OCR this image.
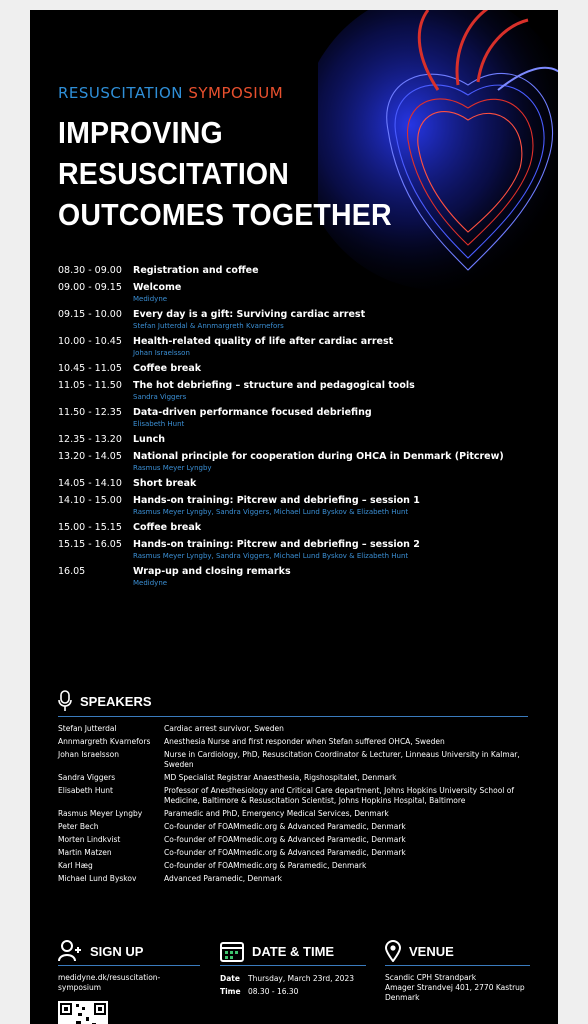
RESUSCITATION SYMPOSIUM
IMPROVING RESUSCITATION
OUTCOMES TOGETHER
08.30 - 09.00	Registration and coffee
09.00 - 09.15	Welcome
Medidyne
09.15 - 10.00	Every day is a gift: Surviving cardiac arrest
Stefan Jutterdal & Annmargreth Kvarnefors
10.00 - 10.45	Health-related quality of life after cardiac arrest
Johan Israelsson
10.45 - 11.05	Coffee break
11.05 - 11.50	The hot debriefing – structure and pedagogical tools
Sandra Viggers
11.50 - 12.35	Data-driven performance focused debriefing
Elisabeth Hunt
12.35 - 13.20	Lunch
13.20 - 14.05	National principle for cooperation during OHCA in Denmark (Pitcrew)
Rasmus Meyer Lyngby
14.05 - 14.10	Short break
14.10 - 15.00	Hands-on training: Pitcrew and debriefing – session 1
Rasmus Meyer Lyngby, Sandra Viggers, Michael Lund Byskov & Elizabeth Hunt
15.00 - 15.15	Coffee break
15.15 - 16.05	Hands-on training: Pitcrew and debriefing – session 2
Rasmus Meyer Lyngby, Sandra Viggers, Michael Lund Byskov & Elizabeth Hunt
16.05	Wrap-up and closing remarks
Medidyne
SPEAKERS
Stefan Jutterdal	Cardiac arrest survivor, Sweden
Annmargreth Kvarnefors	Anesthesia Nurse and first responder when Stefan suffered OHCA, Sweden
Johan Israelsson	Nurse in Cardiology, PhD, Resuscitation Coordinator & Lecturer, Linneaus University in Kalmar, Sweden
Sandra Viggers	MD Specialist Registrar Anaesthesia, Rigshospitalet, Denmark
Elisabeth Hunt	Professor of Anesthesiology and Critical Care department, Johns Hopkins University School of Medicine, Baltimore & Resuscitation Scientist, Johns Hopkins Hospital, Baltimore
Rasmus Meyer Lyngby	Paramedic and PhD, Emergency Medical Services, Denmark
Peter Bech	Co-founder of FOAMmedic.org & Advanced Paramedic, Denmark
Morten Lindkvist	Co-founder of FOAMmedic.org & Advanced Paramedic, Denmark
Martin Matzen	Co-founder of FOAMmedic.org & Advanced Paramedic, Denmark
Karl Hæg	Co-founder of FOAMmedic.org & Paramedic, Denmark
Michael Lund Byskov	Advanced Paramedic, Denmark
SIGN UP
medidyne.dk/resuscitation-symposium
DATE & TIME
Date	Thursday, March 23rd, 2023
Time 08.30 - 16.30
VENUE
Scandic CPH Strandpark
Amager Strandvej 401, 2770 Kastrup
Denmark
